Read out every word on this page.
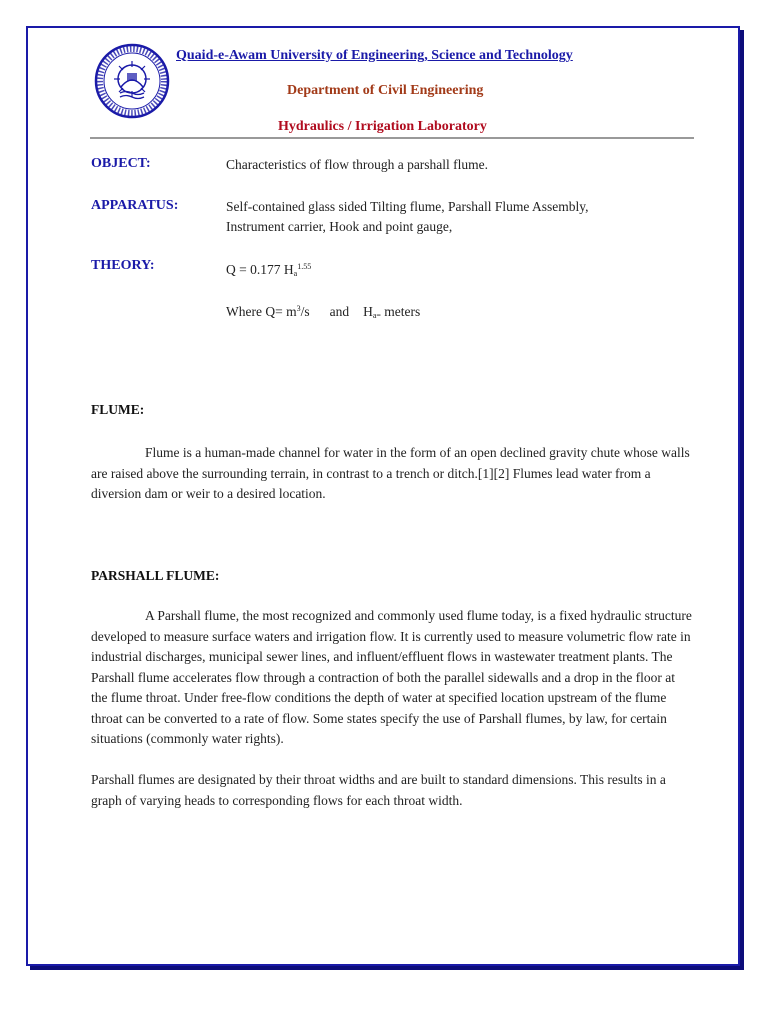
Quaid-e-Awam University of Engineering, Science and Technology
Department of Civil Engineering
Hydraulics / Irrigation Laboratory
OBJECT:	Characteristics of flow through a parshall flume.
APPARATUS:	Self-contained glass sided Tilting flume, Parshall Flume Assembly,
Instrument carrier, Hook and point gauge,
THEORY:	Q = 0.177 $H_a^{1.55}$
Where $Q= m^3/s$ and $H_{a=}$ meters
FLUME:

Flume is a human-made channel for water in the form of an open declined gravity chute whose walls are raised above the surrounding terrain, in contrast to a trench or ditch.[1][2] Flumes lead water from a diversion dam or weir to a desired location.

PARSHALL FLUME:

A Parshall flume, the most recognized and commonly used flume today, is a fixed hydraulic structure developed to measure surface waters and irrigation flow. It is currently used to measure volumetric flow rate in industrial discharges, municipal sewer lines, and influent/effluent flows in wastewater treatment plants. The Parshall flume accelerates flow through a contraction of both the parallel sidewalls and a drop in the floor at the flume throat. Under free-flow conditions the depth of water at specified location upstream of the flume throat can be converted to a rate of flow. Some states specify the use of Parshall flumes, by law, for certain situations (commonly water rights).

Parshall flumes are designated by their throat widths and are built to standard dimensions. This results in a graph of varying heads to corresponding flows for each throat width.
